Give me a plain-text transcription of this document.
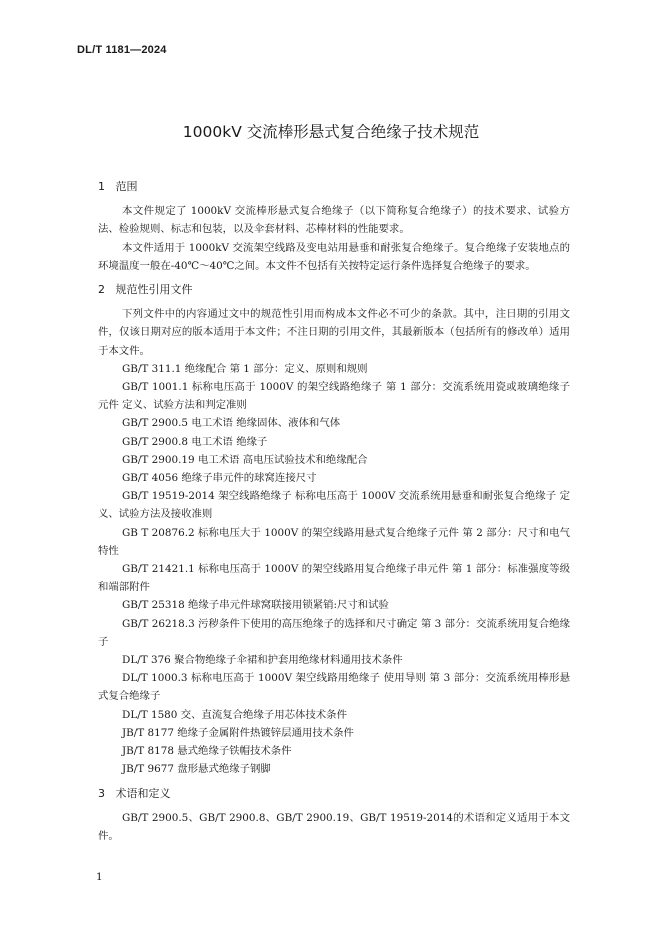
DL/T 1181—2024
1000kV 交流棒形悬式复合绝缘子技术规范
1 范围

本文件规定了 1000kV 交流棒形悬式复合绝缘子（以下简称复合绝缘子）的技术要求、试验方法、检验规则、标志和包装，以及伞套材料、芯棒材料的性能要求。

本文件适用于 1000kV 交流架空线路及变电站用悬垂和耐张复合绝缘子。复合绝缘子安装地点的环境温度一般在-40℃～40℃之间。本文件不包括有关按特定运行条件选择复合绝缘子的要求。

2 规范性引用文件

下列文件中的内容通过文中的规范性引用而构成本文件必不可少的条款。其中，注日期的引用文件，仅该日期对应的版本适用于本文件；不注日期的引用文件，其最新版本（包括所有的修改单）适用于本文件。

GB/T 311.1 绝缘配合 第 1 部分：定义、原则和规则

GB/T 1001.1 标称电压高于 1000V 的架空线路绝缘子 第 1 部分：交流系统用瓷或玻璃绝缘子元件 定义、试验方法和判定准则

GB/T 2900.5 电工术语 绝缘固体、液体和气体

GB/T 2900.8 电工术语 绝缘子

GB/T 2900.19 电工术语 高电压试验技术和绝缘配合

GB/T 4056 绝缘子串元件的球窝连接尺寸

GB/T 19519-2014 架空线路绝缘子 标称电压高于 1000V 交流系统用悬垂和耐张复合绝缘子 定义、试验方法及接收准则

GB T 20876.2 标称电压大于 1000V 的架空线路用悬式复合绝缘子元件 第 2 部分：尺寸和电气特性

GB/T 21421.1 标称电压高于 1000V 的架空线路用复合绝缘子串元件 第 1 部分：标准强度等级和端部附件

GB/T 25318 绝缘子串元件球窝联接用锁紧销:尺寸和试验

GB/T 26218.3 污秽条件下使用的高压绝缘子的选择和尺寸确定 第 3 部分：交流系统用复合绝缘子

DL/T 376 聚合物绝缘子伞裙和护套用绝缘材料通用技术条件

DL/T 1000.3 标称电压高于 1000V 架空线路用绝缘子 使用导则 第 3 部分：交流系统用棒形悬式复合绝缘子

DL/T 1580 交、直流复合绝缘子用芯体技术条件

JB/T 8177 绝缘子金属附件热镀锌层通用技术条件

JB/T 8178 悬式绝缘子铁帽技术条件

JB/T 9677 盘形悬式绝缘子钢脚

3 术语和定义

GB/T 2900.5、GB/T 2900.8、GB/T 2900.19、GB/T 19519-2014的术语和定义适用于本文件。

1
